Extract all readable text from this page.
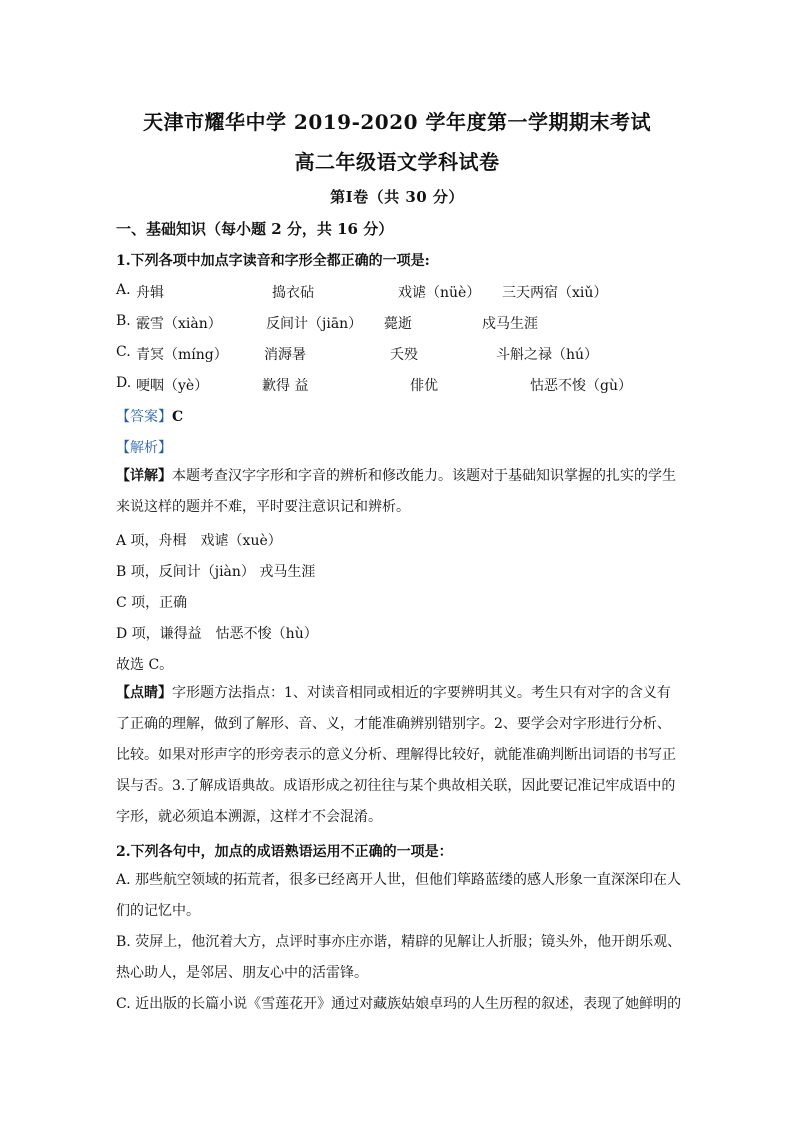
天津市耀华中学 2019-2020 学年度第一学期期末考试
高二年级语文学科试卷
第Ⅰ卷（共 30 分）
一、基础知识（每小题 2 分，共 16 分）
1.下列各项中加点字读音和字形全都正确的一项是:
A. 舟辑	捣衣砧	戏谑（nüè） 三天两宿（xiǔ）
B. 霰雪（xiàn）	反间计（jiān） 薨逝	戍马生涯
C. 青冥（míng）	消溽暑	夭殁	斗斛之禄（hú）
D. 哽咽（yè）	歉得 益	俳优	怙恶不悛（gù）
【答案】C
【解析】
【详解】本题考查汉字字形和字音的辨析和修改能力。该题对于基础知识掌握的扎实的学生来说这样的题并不难，平时要注意识记和辨析。
A 项，舟楫　戏谑（xuè）
B 项，反间计（jiàn） 戎马生涯
C 项，正确
D 项，谦得益　怙恶不悛（hù）
故选 C。
【点睛】字形题方法指点：1、对读音相同或相近的字要辨明其义。考生只有对字的含义有了正确的理解，做到了解形、音、义，才能准确辨别错别字。2、要学会对字形进行分析、比较。如果对形声字的形旁表示的意义分析、理解得比较好，就能准确判断出词语的书写正误与否。3.了解成语典故。成语形成之初往往与某个典故相关联，因此要记准记牢成语中的字形，就必须追本溯源，这样才不会混淆。
2.下列各句中，加点的成语熟语运用不正确的一项是：
A. 那些航空领域的拓荒者，很多已经离开人世，但他们筚路蓝缕的感人形象一直深深印在人们的记忆中。
B. 荧屏上，他沉着大方，点评时事亦庄亦谐，精辟的见解让人折服；镜头外，他开朗乐观、热心助人，是邻居、朋友心中的活雷锋。
C. 近出版的长篇小说《雪莲花开》通过对藏族姑娘卓玛的人生历程的叙述，表现了她鲜明的
